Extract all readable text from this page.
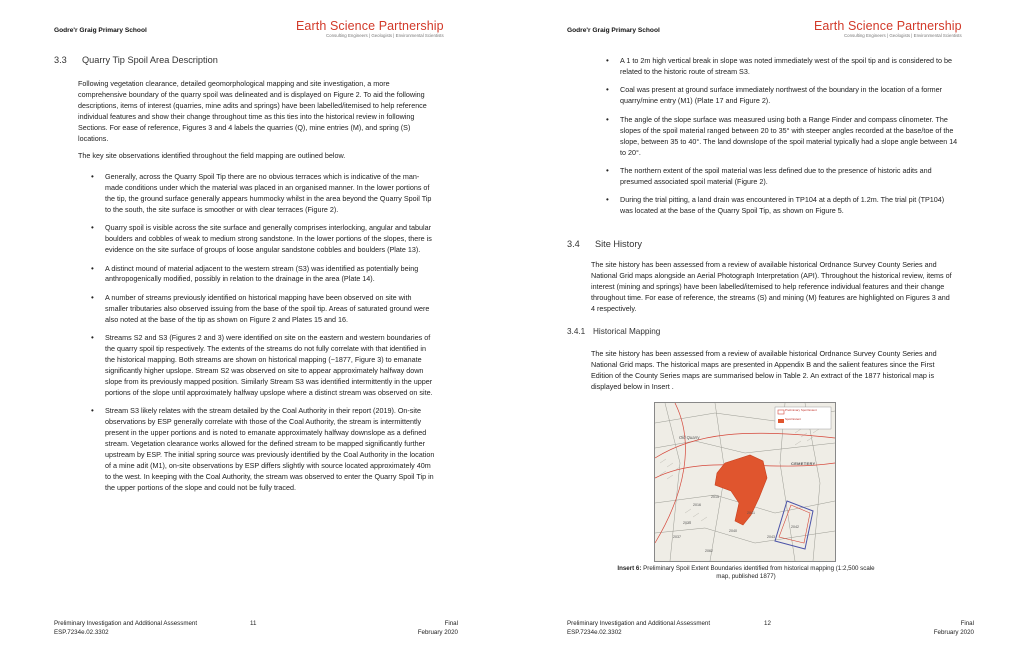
Godre'r Graig Primary School	Earth Science Partnership
Consulting Engineers | Geologists | Environmental Scientists
3.3 Quarry Tip Spoil Area Description

Following vegetation clearance, detailed geomorphological mapping and site investigation, a more comprehensive boundary of the quarry spoil was delineated and is displayed on Figure 2. To aid the following descriptions, items of interest (quarries, mine adits and springs) have been labelled/itemised to help reference individual features and show their change throughout time as this ties into the historical review in following Sections. For ease of reference, Figures 3 and 4 labels the quarries (Q), mine entries (M), and spring (S) locations.

The key site observations identified throughout the field mapping are outlined below.

• Generally, across the Quarry Spoil Tip there are no obvious terraces which is indicative of the man-made conditions under which the material was placed in an organised manner. In the lower portions of the tip, the ground surface generally appears hummocky whilst in the area beyond the Quarry Spoil Tip to the south, the site surface is smoother or with clear terraces (Figure 2).
• Quarry spoil is visible across the site surface and generally comprises interlocking, angular and tabular boulders and cobbles of weak to medium strong sandstone. In the lower portions of the slopes, there is evidence on the site surface of groups of loose angular sandstone cobbles and boulders (Plate 13).
• A distinct mound of material adjacent to the western stream (S3) was identified as potentially being anthropogenically modified, possibly in relation to the drainage in the area (Plate 14).
• A number of streams previously identified on historical mapping have been observed on site with smaller tributaries also observed issuing from the base of the spoil tip. Areas of saturated ground were also noted at the base of the tip as shown on Figure 2 and Plates 15 and 16.
• Streams S2 and S3 (Figures 2 and 3) were identified on site on the eastern and western boundaries of the quarry spoil tip respectively. The extents of the streams do not fully correlate with that identified in the historical mapping. Both streams are shown on historical mapping (~1877, Figure 3) to emanate significantly higher upslope. Stream S2 was observed on site to appear approximately halfway down slope from its previously mapped position. Similarly Stream S3 was identified intermittently in the upper portions of the slope until approximately halfway upslope where a distinct stream was observed on site.
• Stream S3 likely relates with the stream detailed by the Coal Authority in their report (2019). On-site observations by ESP generally correlate with those of the Coal Authority, the stream is intermittently present in the upper portions and is noted to emanate approximately halfway downslope as a defined stream. Vegetation clearance works allowed for the defined stream to be mapped significantly further upstream by ESP. The initial spring source was previously identified by the Coal Authority in the location of a mine adit (M1), on-site observations by ESP differs slightly with source located approximately 40m to the west. In keeping with the Coal Authority, the stream was observed to enter the Quarry Spoil Tip in the upper portions of the slope and could not be fully traced.
Preliminary Investigation and Additional Assessment
ESP.7234e.02.3302
11	Final
February 2020
Godre'r Graig Primary School	Earth Science Partnership
Consulting Engineers | Geologists | Environmental Scientists
• A 1 to 2m high vertical break in slope was noted immediately west of the spoil tip and is considered to be related to the historic route of stream S3.
• Coal was present at ground surface immediately northwest of the boundary in the location of a former quarry/mine entry (M1) (Plate 17 and Figure 2).
• The angle of the slope surface was measured using both a Range Finder and compass clinometer. The slopes of the spoil material ranged between 20 to 35° with steeper angles recorded at the base/toe of the slope, between 35 to 40°. The land downslope of the spoil material typically had a slope angle between 14 to 20°.
• The northern extent of the spoil material was less defined due to the presence of historic adits and presumed associated spoil material (Figure 2).
• During the trial pitting, a land drain was encountered in TP104 at a depth of 1.2m. The trial pit (TP104) was located at the base of the Quarry Spoil Tip, as shown on Figure 5.
3.4 Site History

The site history has been assessed from a review of available historical Ordnance Survey County Series and National Grid maps alongside an Aerial Photograph Interpretation (API). Throughout the historical review, items of interest (mining and springs) have been labelled/itemised to help reference individual features and their change throughout time. For ease of reference, the streams (S) and mining (M) features are highlighted on Figures 3 and 4 respectively.

3.4.1 Historical Mapping

The site history has been assessed from a review of available historical Ordnance Survey County Series and National Grid maps. The historical maps are presented in Appendix B and the salient features since the First Edition of the County Series maps are summarised below in Table 2. An extract of the 1877 historical map is displayed below in Insert .

Preliminary Investigation and Additional Assessment
ESP.7234e.02.3302
12	Final
February 2020
Preliminary Spoil Extent
Spoil Extent
Old Quarry
CEMETERY
2015
2016
2041
2043
2042
2040
2035
2037
2062
Insert 6: Preliminary Spoil Extent Boundaries identified from historical mapping (1:2,500 scale map, published 1877)
